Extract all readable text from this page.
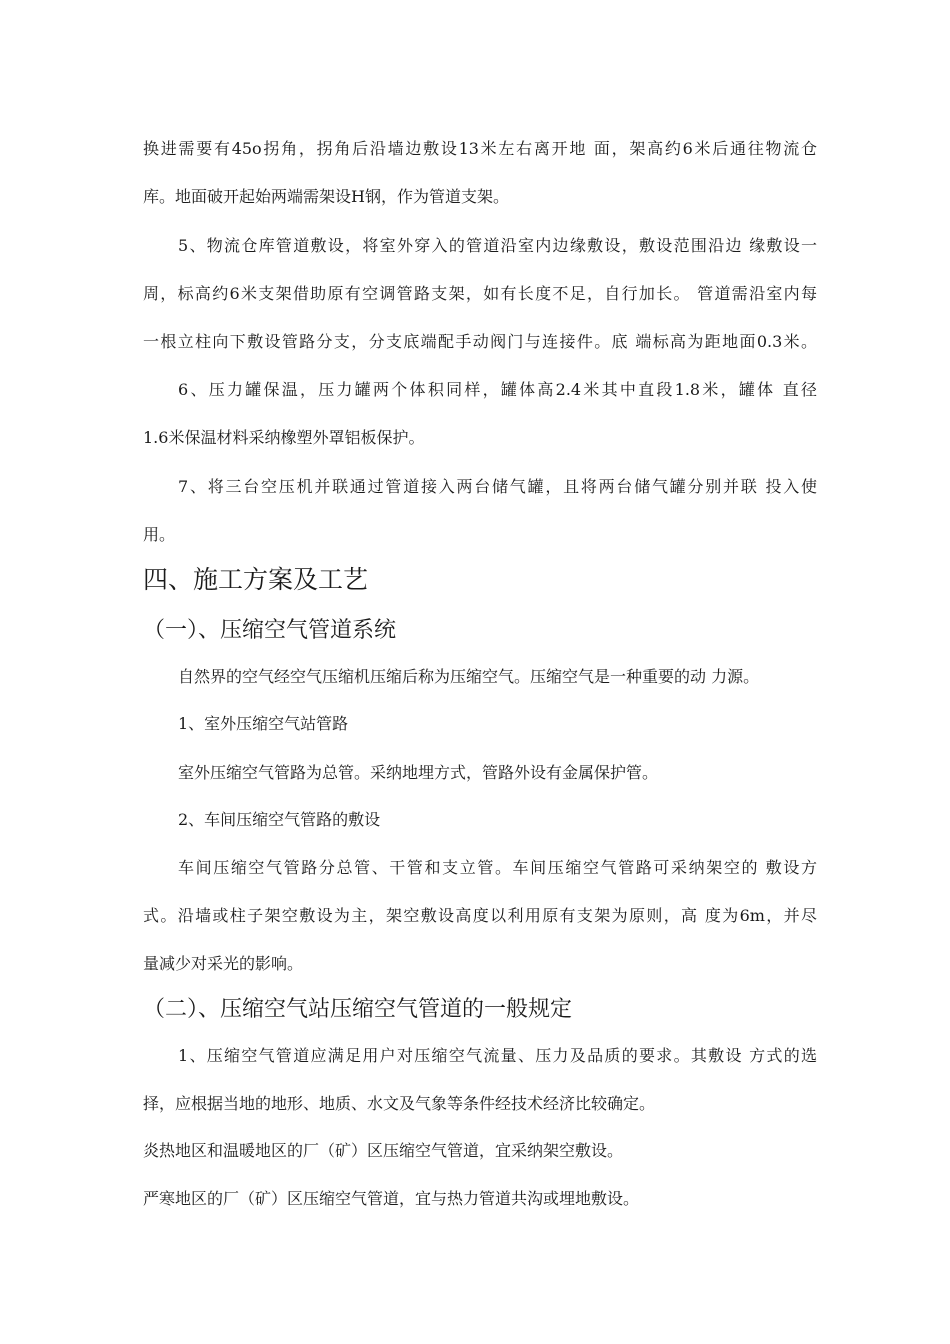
换进需要有45o拐角，拐角后沿墙边敷设13米左右离开地 面，架高约6米后通往物流仓
库。地面破开起始两端需架设H钢，作为管道支架。
5、物流仓库管道敷设，将室外穿入的管道沿室内边缘敷设，敷设范围沿边 缘敷设一
周，标高约6米支架借助原有空调管路支架，如有长度不足，自行加长。 管道需沿室内每
一根立柱向下敷设管路分支，分支底端配手动阀门与连接件。底 端标高为距地面0.3米。
6、压力罐保温，压力罐两个体积同样，罐体高2.4米其中直段1.8米，罐体 直径
1.6米保温材料采纳橡塑外罩铝板保护。
7、将三台空压机并联通过管道接入两台储气罐，且将两台储气罐分别并联 投入使
用。
四、施工方案及工艺
（一）、压缩空气管道系统
自然界的空气经空气压缩机压缩后称为压缩空气。压缩空气是一种重要的动 力源。
1、室外压缩空气站管路
室外压缩空气管路为总管。采纳地埋方式，管路外设有金属保护管。
2、车间压缩空气管路的敷设
车间压缩空气管路分总管、干管和支立管。车间压缩空气管路可采纳架空的 敷设方
式。沿墙或柱子架空敷设为主，架空敷设高度以利用原有支架为原则，高 度为6m，并尽
量减少对采光的影响。
（二）、压缩空气站压缩空气管道的一般规定
1、压缩空气管道应满足用户对压缩空气流量、压力及品质的要求。其敷设 方式的选
择，应根据当地的地形、地质、水文及气象等条件经技术经济比较确定。
炎热地区和温暖地区的厂（矿）区压缩空气管道，宜采纳架空敷设。
严寒地区的厂（矿）区压缩空气管道，宜与热力管道共沟或埋地敷设。
